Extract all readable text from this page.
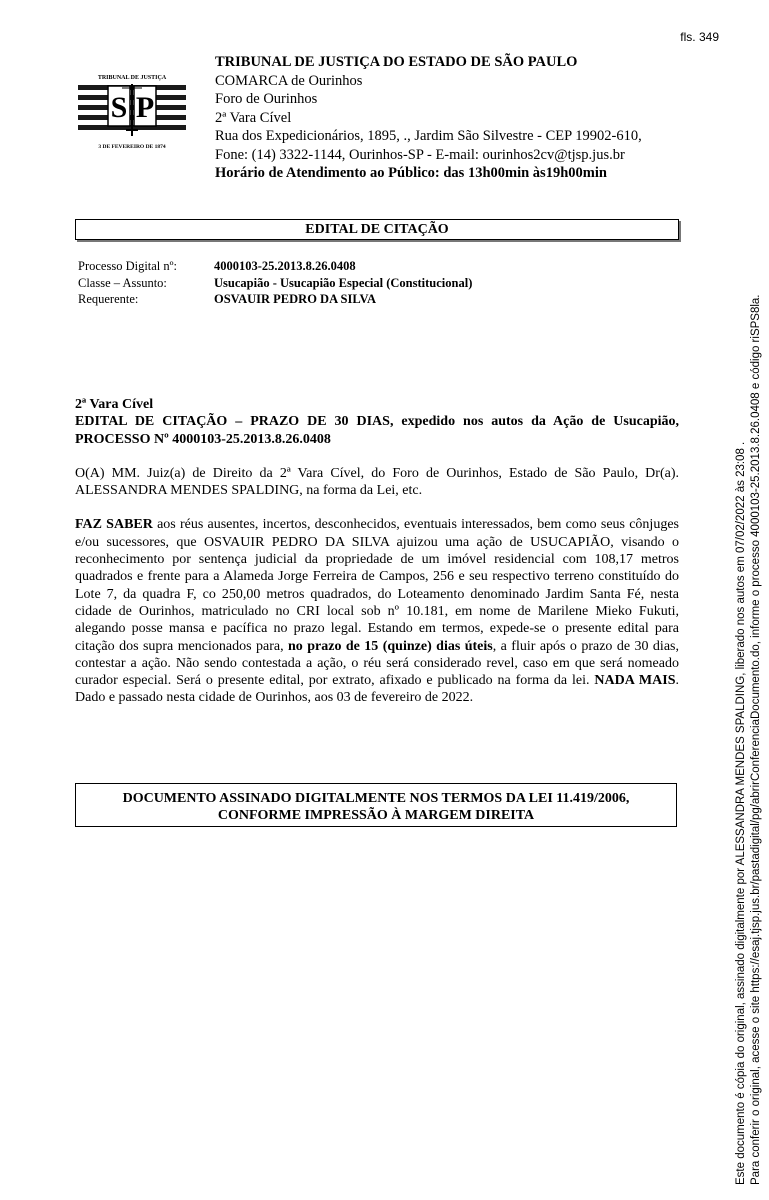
fls. 349
TRIBUNAL DE JUSTIÇA
S P
3 DE FEVEREIRO DE 1874
TRIBUNAL DE JUSTIÇA DO ESTADO DE SÃO PAULO
COMARCA de Ourinhos
Foro de Ourinhos
2ª Vara Cível
Rua dos Expedicionários, 1895, ., Jardim São Silvestre - CEP 19902-610,
Fone: (14) 3322-1144, Ourinhos-SP - E-mail: ourinhos2cv@tjsp.jus.br
Horário de Atendimento ao Público: das 13h00min às19h00min
EDITAL DE CITAÇÃO
Processo Digital nº:	4000103-25.2013.8.26.0408
Classe – Assunto:	Usucapião - Usucapião Especial (Constitucional)
Requerente:	OSVAUIR PEDRO DA SILVA

2ª Vara Cível

EDITAL DE CITAÇÃO – PRAZO DE 30 DIAS, expedido nos autos da Ação de Usucapião, PROCESSO Nº 4000103-25.2013.8.26.0408

O(A) MM. Juiz(a) de Direito da 2ª Vara Cível, do Foro de Ourinhos, Estado de São Paulo, Dr(a). ALESSANDRA MENDES SPALDING, na forma da Lei, etc.

FAZ SABER aos réus ausentes, incertos, desconhecidos, eventuais interessados, bem como seus cônjuges e/ou sucessores, que OSVAUIR PEDRO DA SILVA ajuizou uma ação de USUCAPIÃO, visando o reconhecimento por sentença judicial da propriedade de um imóvel residencial com 108,17 metros quadrados e frente para a Alameda Jorge Ferreira de Campos, 256 e seu respectivo terreno constituído do Lote 7, da quadra F, co 250,00 metros quadrados, do Loteamento denominado Jardim Santa Fé, nesta cidade de Ourinhos, matriculado no CRI local sob nº 10.181, em nome de Marilene Mieko Fukuti, alegando posse mansa e pacífica no prazo legal. Estando em termos, expede-se o presente edital para citação dos supra mencionados para, no prazo de 15 (quinze) dias úteis, a fluir após o prazo de 30 dias, contestar a ação. Não sendo contestada a ação, o réu será considerado revel, caso em que será nomeado curador especial. Será o presente edital, por extrato, afixado e publicado na forma da lei. NADA MAIS. Dado e passado nesta cidade de Ourinhos, aos 03 de fevereiro de 2022.

DOCUMENTO ASSINADO DIGITALMENTE NOS TERMOS DA LEI 11.419/2006,
CONFORME IMPRESSÃO À MARGEM DIREITA	Este documento é cópia do original, assinado digitalmente por ALESSANDRA MENDES SPALDING, liberado nos autos em 07/02/2022 às 23:08 . Para conferir o original, acesse o site https://esaj.tjsp.jus.br/pastadigital/pg/abrirConferenciaDocumento.do, informe o processo 4000103-25.2013.8.26.0408 e código riSPS8la.
